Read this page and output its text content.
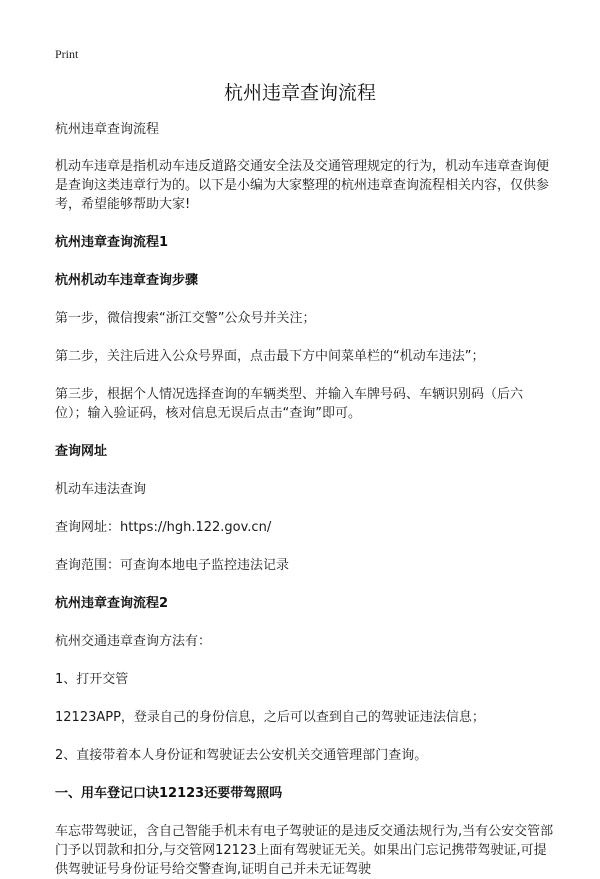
Print
杭州违章查询流程

杭州违章查询流程

机动车违章是指机动车违反道路交通安全法及交通管理规定的行为，机动车违章查询便是查询这类违章行为的。以下是小编为大家整理的杭州违章查询流程相关内容，仅供参考，希望能够帮助大家!

杭州违章查询流程1

杭州机动车违章查询步骤

第一步，微信搜索“浙江交警”公众号并关注；

第二步，关注后进入公众号界面，点击最下方中间菜单栏的“机动车违法”；

第三步，根据个人情况选择查询的车辆类型、并输入车牌号码、车辆识别码（后六位）；输入验证码，核对信息无误后点击“查询”即可。

查询网址

机动车违法查询

查询网址：https://hgh.122.gov.cn/

查询范围：可查询本地电子监控违法记录

杭州违章查询流程2

杭州交通违章查询方法有：

1、打开交管

12123APP，登录自己的身份信息，之后可以查到自己的驾驶证违法信息；

2、直接带着本人身份证和驾驶证去公安机关交通管理部门查询。

一、用车登记口诀12123还要带驾照吗

车忘带驾驶证，含自己智能手机未有电子驾驶证的是违反交通法规行为,当有公安交管部门予以罚款和扣分,与交管网12123上面有驾驶证无关。如果出门忘记携带驾驶证,可提供驾驶证号身份证号给交警查询,证明自己并未无证驾驶
